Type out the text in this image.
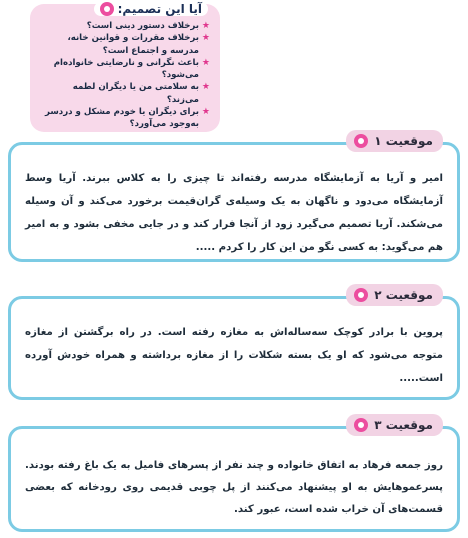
آیا این تصمیم:
★
برخلاف دستور دینی است؟
★
برخلاف مقررات و قوانین خانه، مدرسه و اجتماع است؟
★
باعث نگرانی و نارضایتی خانواده‌ام می‌شود؟
★
به سلامتی من یا دیگران لطمه می‌زند؟
★
برای دیگران یا خودم مشکل و دردسر به‌وجود می‌آورد؟
موقعیت ۱

امیر و آریا به آزمایشگاه مدرسه رفته‌اند تا چیزی را به کلاس ببرند. آریا وسط آزمایشگاه می‌دود و ناگهان به یک وسیله‌ی گران‌قیمت برخورد می‌کند و آن وسیله می‌شکند. آریا تصمیم می‌گیرد زود از آنجا فرار کند و در جایی مخفی بشود و به امیر هم می‌گوید: به کسی نگو من این کار را کردم .....

موقعیت ۲

پروین با برادر کوچک سه‌ساله‌اش به مغازه رفته است. در راه برگشتن از مغازه متوجه می‌شود که او یک بسته شکلات را از مغازه برداشته و همراه خودش آورده است.....

موقعیت ۳

روز جمعه فرهاد به اتفاق خانواده و چند نفر از پسرهای فامیل به یک باغ رفته بودند. پسرعموهایش به او پیشنهاد می‌کنند از پل چوبی قدیمی روی رودخانه که بعضی قسمت‌های آن خراب شده است، عبور کند.
